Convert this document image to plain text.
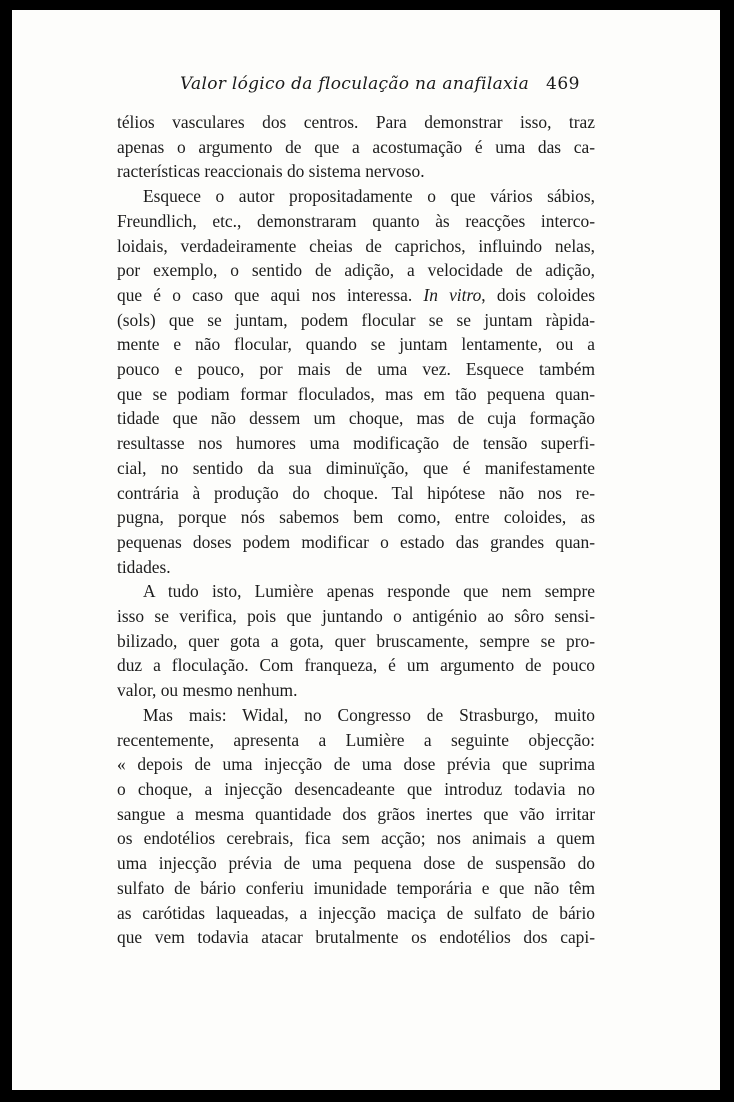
Valor lógico da floculação na anafilaxia 469
télios vasculares dos centros. Para demonstrar isso, traz
apenas o argumento de que a acostumação é uma das ca-
racterísticas reaccionais do sistema nervoso.
Esquece o autor propositadamente o que vários sábios,
Freundlich, etc., demonstraram quanto às reacções interco-
loidais, verdadeiramente cheias de caprichos, influindo nelas,
por exemplo, o sentido de adição, a velocidade de adição,
que é o caso que aqui nos interessa. In vitro, dois coloides
(sols) que se juntam, podem flocular se se juntam ràpida-
mente e não flocular, quando se juntam lentamente, ou a
pouco e pouco, por mais de uma vez. Esquece também
que se podiam formar floculados, mas em tão pequena quan-
tidade que não dessem um choque, mas de cuja formação
resultasse nos humores uma modificação de tensão superfi-
cial, no sentido da sua diminuïção, que é manifestamente
contrária à produção do choque. Tal hipótese não nos re-
pugna, porque nós sabemos bem como, entre coloides, as
pequenas doses podem modificar o estado das grandes quan-
tidades.
A tudo isto, Lumière apenas responde que nem sempre
isso se verifica, pois que juntando o antigénio ao sôro sensi-
bilizado, quer gota a gota, quer bruscamente, sempre se pro-
duz a floculação. Com franqueza, é um argumento de pouco
valor, ou mesmo nenhum.
Mas mais: Widal, no Congresso de Strasburgo, muito
recentemente, apresenta a Lumière a seguinte objecção:
« depois de uma injecção de uma dose prévia que suprima
o choque, a injecção desencadeante que introduz todavia no
sangue a mesma quantidade dos grãos inertes que vão irritar
os endotélios cerebrais, fica sem acção; nos animais a quem
uma injecção prévia de uma pequena dose de suspensão do
sulfato de bário conferiu imunidade temporária e que não têm
as carótidas laqueadas, a injecção maciça de sulfato de bário
que vem todavia atacar brutalmente os endotélios dos capi-
